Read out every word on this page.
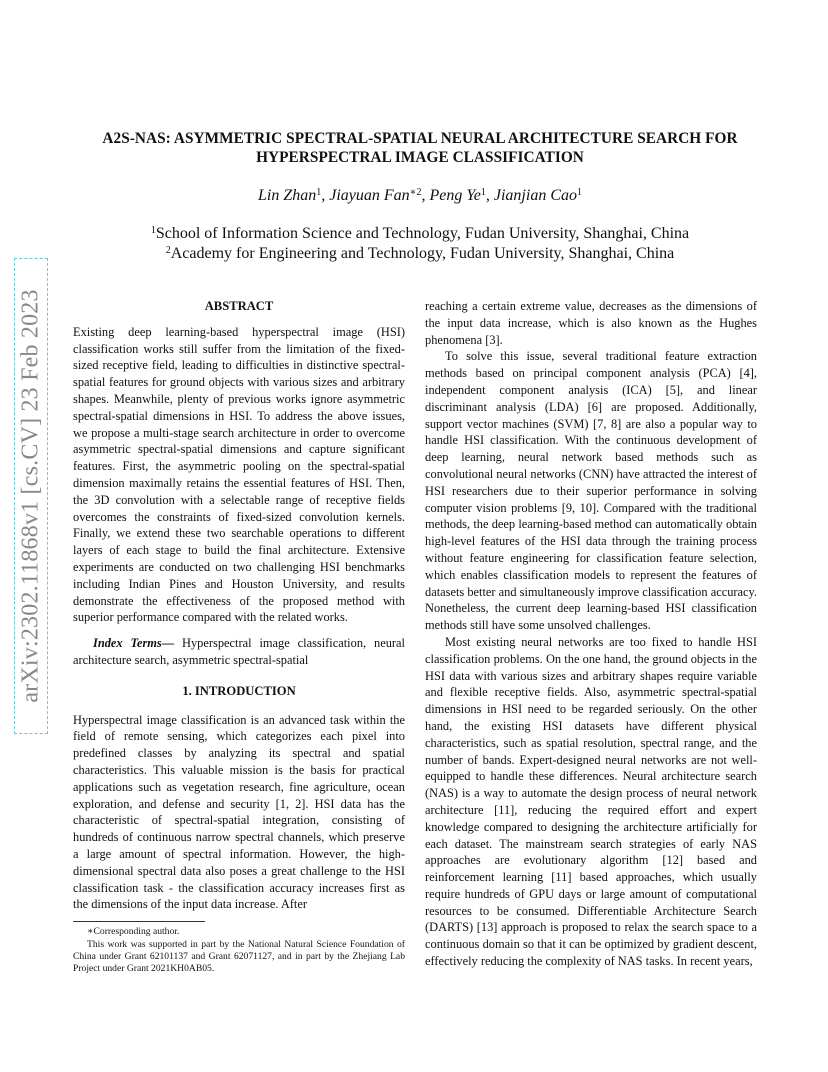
arXiv:2302.11868v1 [cs.CV] 23 Feb 2023
A2S-NAS: ASYMMETRIC SPECTRAL-SPATIAL NEURAL ARCHITECTURE SEARCH FOR
HYPERSPECTRAL IMAGE CLASSIFICATION
Lin Zhan$^1$, Jiayuan Fan$^{∗2}$, Peng Ye$^1$, Jianjian Cao$^1$
$^1$School of Information Science and Technology, Fudan University, Shanghai, China
$^2$Academy for Engineering and Technology, Fudan University, Shanghai, China

ABSTRACT

Existing deep learning-based hyperspectral image (HSI) classification works still suffer from the limitation of the fixed-sized receptive field, leading to difficulties in distinctive spectral-spatial features for ground objects with various sizes and arbitrary shapes. Meanwhile, plenty of previous works ignore asymmetric spectral-spatial dimensions in HSI. To address the above issues, we propose a multi-stage search architecture in order to overcome asymmetric spectral-spatial dimensions and capture significant features. First, the asymmetric pooling on the spectral-spatial dimension maximally retains the essential features of HSI. Then, the 3D convolution with a selectable range of receptive fields overcomes the constraints of fixed-sized convolution kernels. Finally, we extend these two searchable operations to different layers of each stage to build the final architecture. Extensive experiments are conducted on two challenging HSI benchmarks including Indian Pines and Houston University, and results demonstrate the effectiveness of the proposed method with superior performance compared with the related works.

Index Terms— Hyperspectral image classification, neural architecture search, asymmetric spectral-spatial

1. INTRODUCTION

Hyperspectral image classification is an advanced task within the field of remote sensing, which categorizes each pixel into predefined classes by analyzing its spectral and spatial characteristics. This valuable mission is the basis for practical applications such as vegetation research, fine agriculture, ocean exploration, and defense and security [1, 2]. HSI data has the characteristic of spectral-spatial integration, consisting of hundreds of continuous narrow spectral channels, which preserve a large amount of spectral information. However, the high-dimensional spectral data also poses a great challenge to the HSI classification task - the classification accuracy increases first as the dimensions of the input data increase. After

∗Corresponding author.

This work was supported in part by the National Natural Science Foundation of China under Grant 62101137 and Grant 62071127, and in part by the Zhejiang Lab Project under Grant 2021KH0AB05.

reaching a certain extreme value, decreases as the dimensions of the input data increase, which is also known as the Hughes phenomena [3].

To solve this issue, several traditional feature extraction methods based on principal component analysis (PCA) [4], independent component analysis (ICA) [5], and linear discriminant analysis (LDA) [6] are proposed. Additionally, support vector machines (SVM) [7, 8] are also a popular way to handle HSI classification. With the continuous development of deep learning, neural network based methods such as convolutional neural networks (CNN) have attracted the interest of HSI researchers due to their superior performance in solving computer vision problems [9, 10]. Compared with the traditional methods, the deep learning-based method can automatically obtain high-level features of the HSI data through the training process without feature engineering for classification feature selection, which enables classification models to represent the features of datasets better and simultaneously improve classification accuracy. Nonetheless, the current deep learning-based HSI classification methods still have some unsolved challenges.

Most existing neural networks are too fixed to handle HSI classification problems. On the one hand, the ground objects in the HSI data with various sizes and arbitrary shapes require variable and flexible receptive fields. Also, asymmetric spectral-spatial dimensions in HSI need to be regarded seriously. On the other hand, the existing HSI datasets have different physical characteristics, such as spatial resolution, spectral range, and the number of bands. Expert-designed neural networks are not well-equipped to handle these differences. Neural architecture search (NAS) is a way to automate the design process of neural network architecture [11], reducing the required effort and expert knowledge compared to designing the architecture artificially for each dataset. The mainstream search strategies of early NAS approaches are evolutionary algorithm [12] based and reinforcement learning [11] based approaches, which usually require hundreds of GPU days or large amount of computational resources to be consumed. Differentiable Architecture Search (DARTS) [13] approach is proposed to relax the search space to a continuous domain so that it can be optimized by gradient descent, effectively reducing the complexity of NAS tasks. In recent years,
